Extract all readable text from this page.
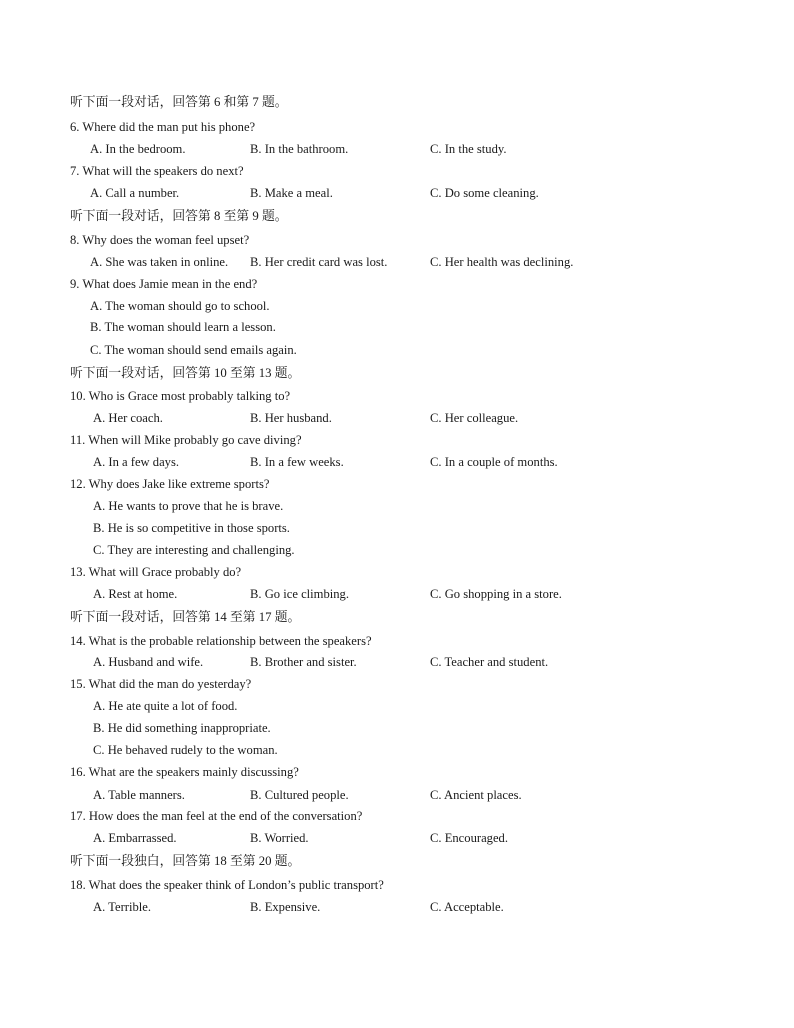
听下面一段对话，回答第 6 和第 7 题。
6. Where did the man put his phone?
A. In the bedroom.	B. In the bathroom.	C. In the study.
7. What will the speakers do next?
A. Call a number.	B. Make a meal.	C. Do some cleaning.
听下面一段对话，回答第 8 至第 9 题。
8. Why does the woman feel upset?
A. She was taken in online. B. Her credit card was lost.	C. Her health was declining.
9. What does Jamie mean in the end?
A. The woman should go to school.
B. The woman should learn a lesson.
C. The woman should send emails again.
听下面一段对话，回答第 10 至第 13 题。
10. Who is Grace most probably talking to?
A. Her coach.	B. Her husband.	C. Her colleague.
11. When will Mike probably go cave diving?
A. In a few days.	B. In a few weeks.	C. In a couple of months.
12. Why does Jake like extreme sports?
A. He wants to prove that he is brave.
B. He is so competitive in those sports.
C. They are interesting and challenging.
13. What will Grace probably do?
A. Rest at home.	B. Go ice climbing.	C. Go shopping in a store.
听下面一段对话，回答第 14 至第 17 题。
14. What is the probable relationship between the speakers?
A. Husband and wife.	B. Brother and sister.	C. Teacher and student.
15. What did the man do yesterday?
A. He ate quite a lot of food.
B. He did something inappropriate.
C. He behaved rudely to the woman.
16. What are the speakers mainly discussing?
A. Table manners.	B. Cultured people.	C. Ancient places.
17. How does the man feel at the end of the conversation?
A. Embarrassed.	B. Worried.	C. Encouraged.
听下面一段独白，回答第 18 至第 20 题。
18. What does the speaker think of London’s public transport?
A. Terrible.	B. Expensive.	C. Acceptable.
